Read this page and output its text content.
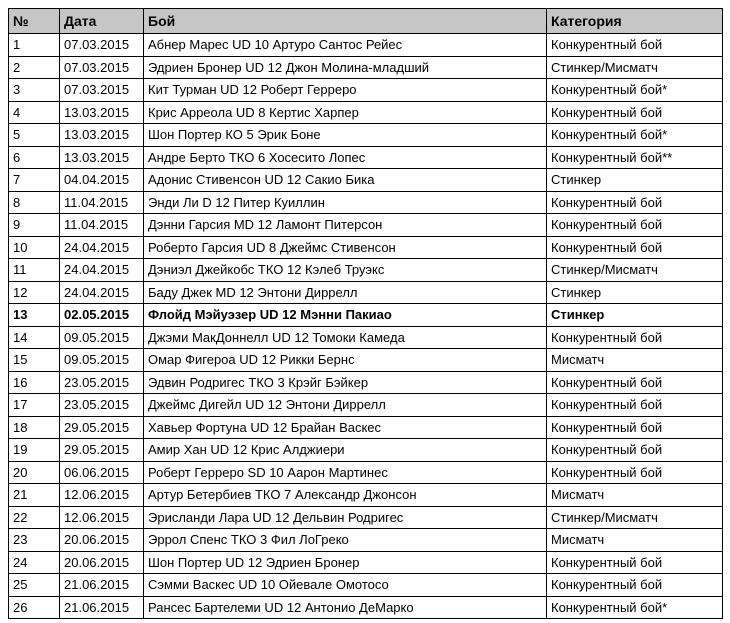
№	Дата	Бой	Категория
1	07.03.2015	Абнер Марес UD 10 Артуро Сантос Рейес	Конкурентный бой
2	07.03.2015	Эдриен Бронер UD 12 Джон Молина-младший	Стинкер/Мисматч
3	07.03.2015	Кит Турман UD 12 Роберт Герреро	Конкурентный бой*
4	13.03.2015	Крис Арреола UD 8 Кертис Харпер	Конкурентный бой
5	13.03.2015	Шон Портер КО 5 Эрик Боне	Конкурентный бой*
6	13.03.2015	Андре Берто ТКО 6 Хосесито Лопес	Конкурентный бой**
7	04.04.2015	Адонис Стивенсон UD 12 Сакио Бика	Стинкер
8	11.04.2015	Энди Ли D 12 Питер Куиллин	Конкурентный бой
9	11.04.2015	Дэнни Гарсия MD 12 Ламонт Питерсон	Конкурентный бой
10	24.04.2015	Роберто Гарсия UD 8 Джеймс Стивенсон	Конкурентный бой
11	24.04.2015	Дэниэл Джейкобс ТКО 12 Кэлеб Труэкс	Стинкер/Мисматч
12	24.04.2015	Баду Джек MD 12 Энтони Диррелл	Стинкер
13	02.05.2015	Флойд Мэйуэзер UD 12 Мэнни Пакиао	Стинкер
14	09.05.2015	Джэми МакДоннелл UD 12 Томоки Камеда	Конкурентный бой
15	09.05.2015	Омар Фигероа UD 12 Рикки Бернс	Мисматч
16	23.05.2015	Эдвин Родригес ТКО 3 Крэйг Бэйкер	Конкурентный бой
17	23.05.2015	Джеймс Дигейл UD 12 Энтони Диррелл	Конкурентный бой
18	29.05.2015	Хавьер Фортуна UD 12 Брайан Васкес	Конкурентный бой
19	29.05.2015	Амир Хан UD 12 Крис Алджиери	Конкурентный бой
20	06.06.2015	Роберт Герреро SD 10 Аарон Мартинес	Конкурентный бой
21	12.06.2015	Артур Бетербиев ТКО 7 Александр Джонсон	Мисматч
22	12.06.2015	Эрисланди Лара UD 12 Дельвин Родригес	Стинкер/Мисматч
23	20.06.2015	Эррол Спенс ТКО 3 Фил ЛоГреко	Мисматч
24	20.06.2015	Шон Портер UD 12 Эдриен Бронер	Конкурентный бой
25	21.06.2015	Сэмми Васкес UD 10 Ойевале Омотосо	Конкурентный бой
26	21.06.2015	Рансес Бартелеми UD 12 Антонио ДеМарко	Конкурентный бой*
